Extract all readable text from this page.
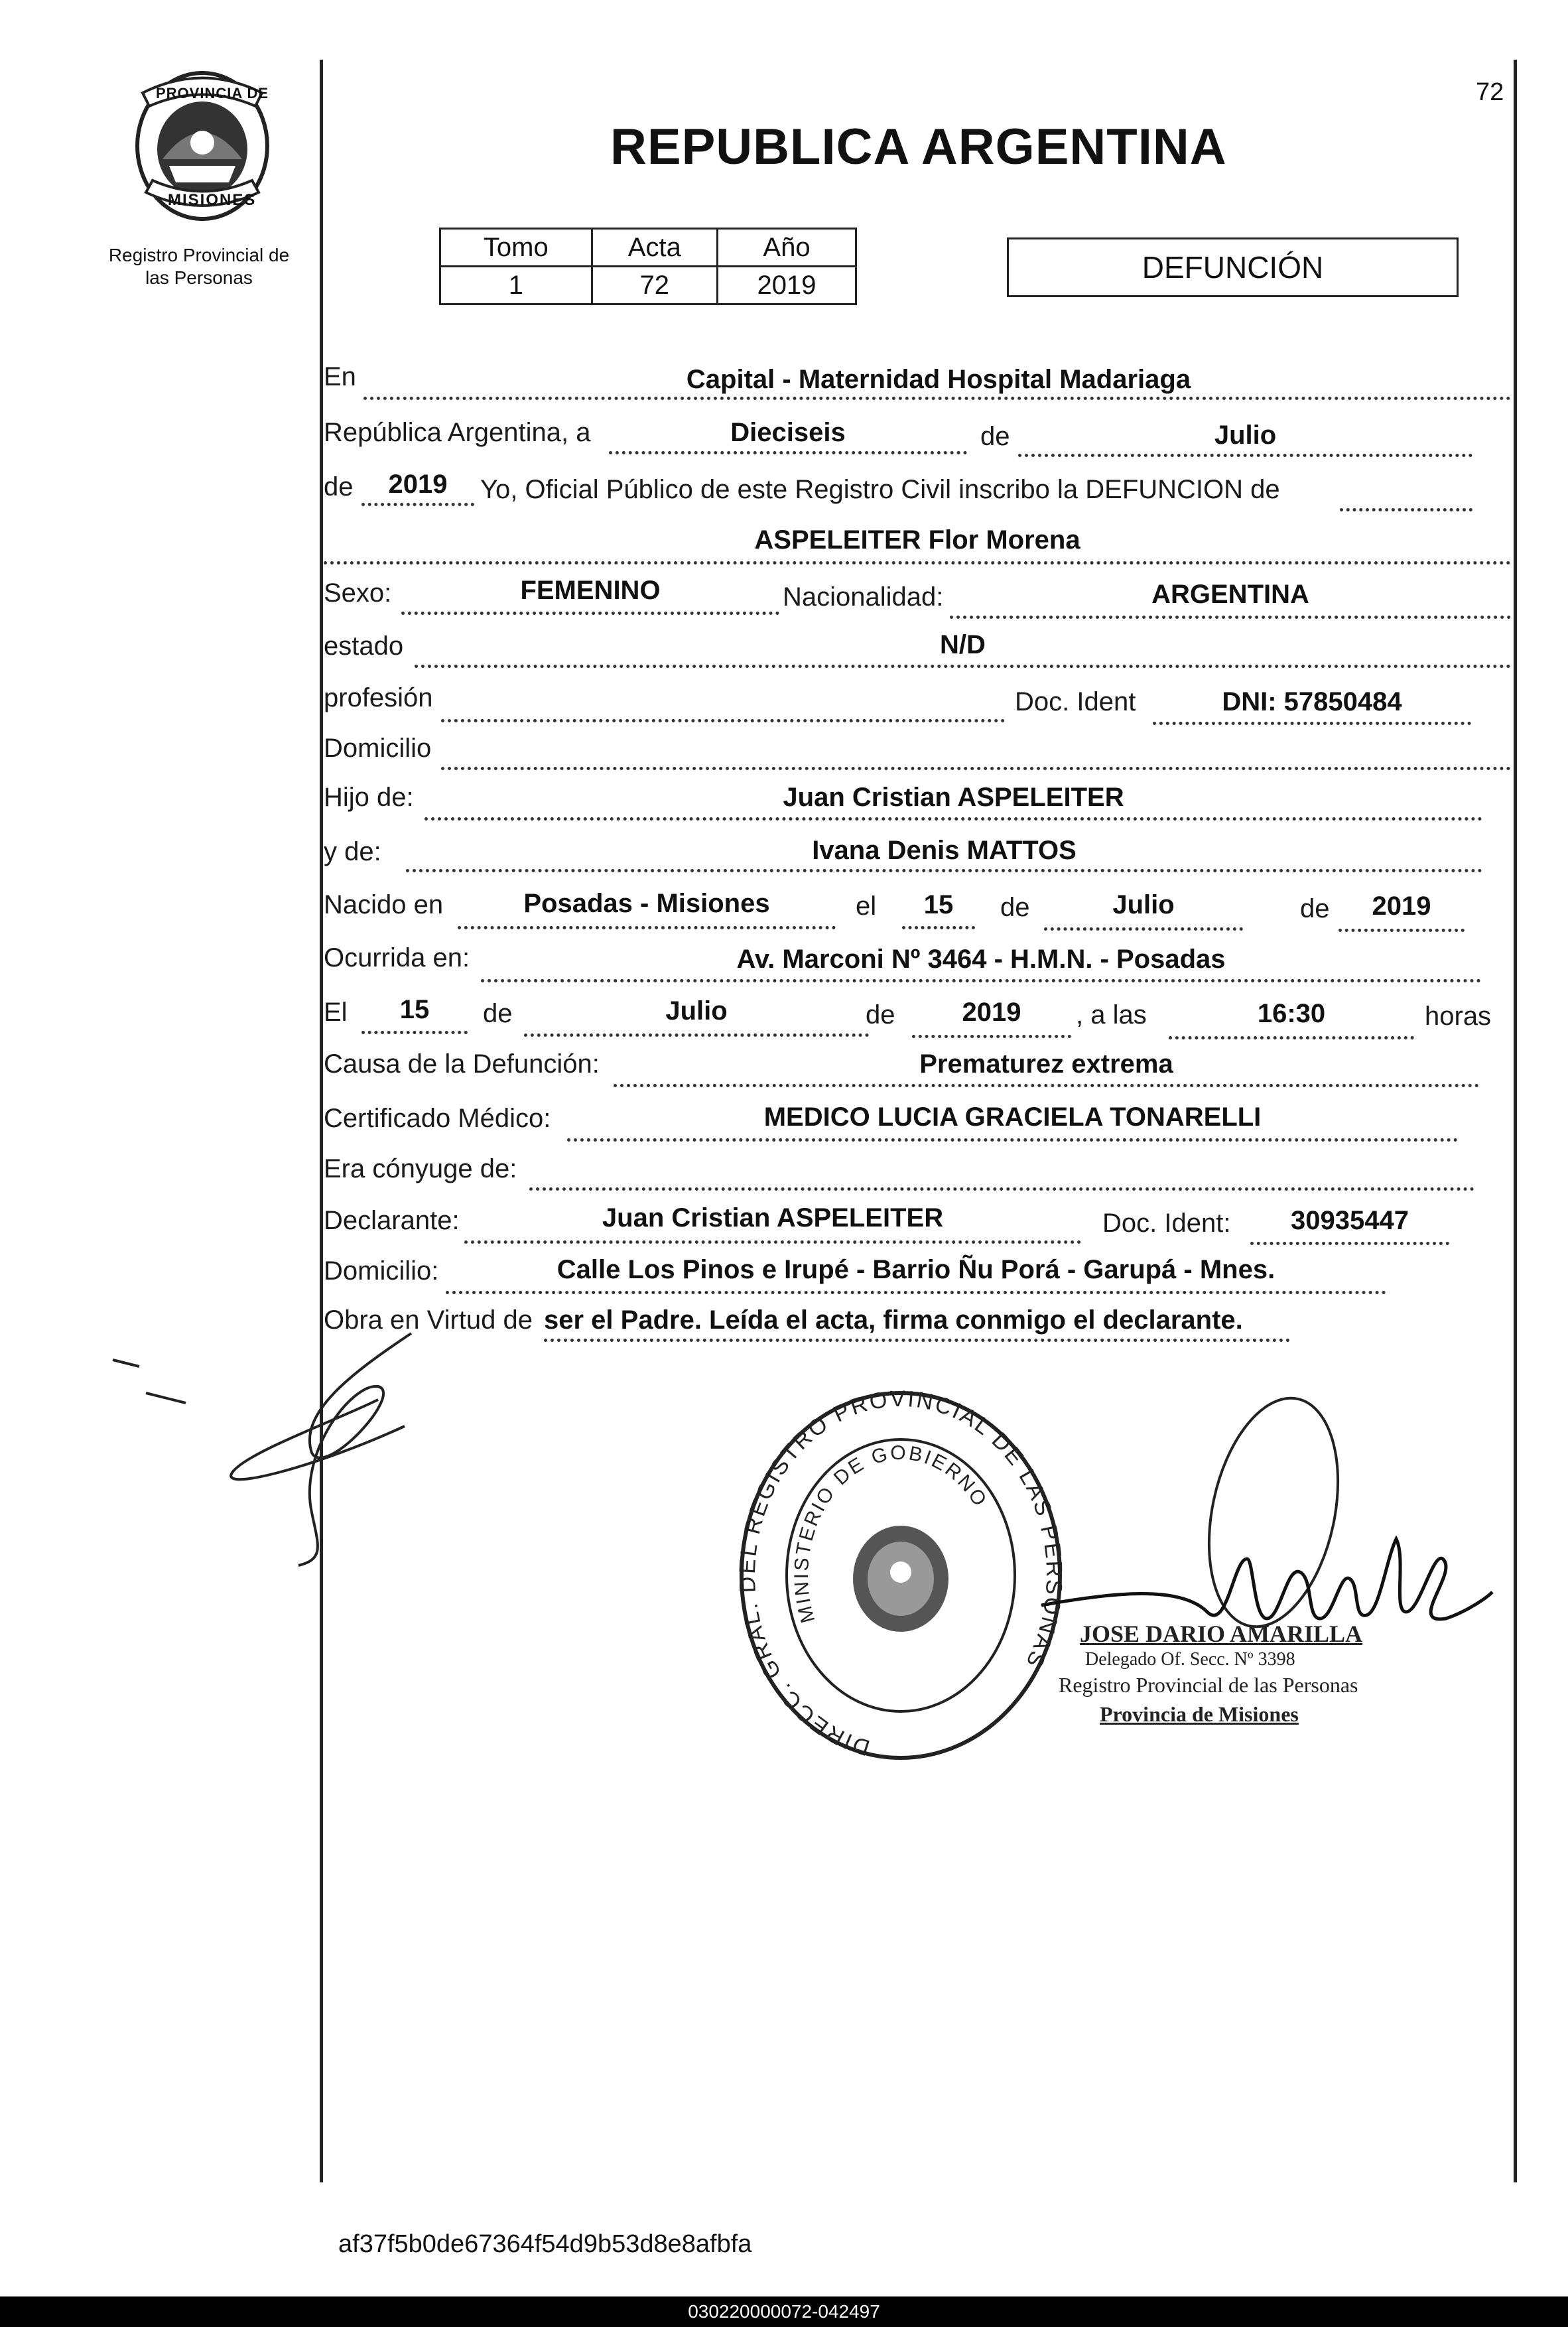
72
PROVINCIA DE
MISIONES
Registro Provincial de
las Personas
REPUBLICA ARGENTINA
Tomo	Acta	Año
1	72	2019
DEFUNCIÓN
En	Capital - Maternidad Hospital Madariaga
República Argentina, a	Dieciseis	de	Julio
de	2019	Yo, Oficial Público de este Registro Civil inscribo la DEFUNCION de
ASPELEITER Flor Morena
Sexo:	FEMENINO	Nacionalidad:	ARGENTINA
estado	N/D
profesión	Doc. Ident	DNI: 57850484
Domicilio
Hijo de:	Juan Cristian ASPELEITER
y de:	Ivana Denis MATTOS
Nacido en	Posadas - Misiones	el	15	de	Julio	de	2019
Ocurrida en:	Av. Marconi Nº 3464 - H.M.N. - Posadas
El	15	de	Julio	de	2019	, a las	16:30	horas
Causa de la Defunción:	Prematurez extrema
Certificado Médico:	MEDICO LUCIA GRACIELA TONARELLI
Era cónyuge de:
Declarante:	Juan Cristian ASPELEITER	Doc. Ident:	30935447
Domicilio:	Calle Los Pinos e Irupé - Barrio Ñu Porá - Garupá - Mnes.
Obra en Virtud de ser el Padre. Leída el acta, firma conmigo el declarante.
DIRECC. GRAL. DEL REGISTRO PROVINCIAL DE LAS PERSONAS
MINISTERIO DE GOBIERNO
JOSE DARIO AMARILLA
Delegado Of. Secc. Nº 3398
Registro Provincial de las Personas
Provincia de Misiones
af37f5b0de67364f54d9b53d8e8afbfa
030220000072-042497
